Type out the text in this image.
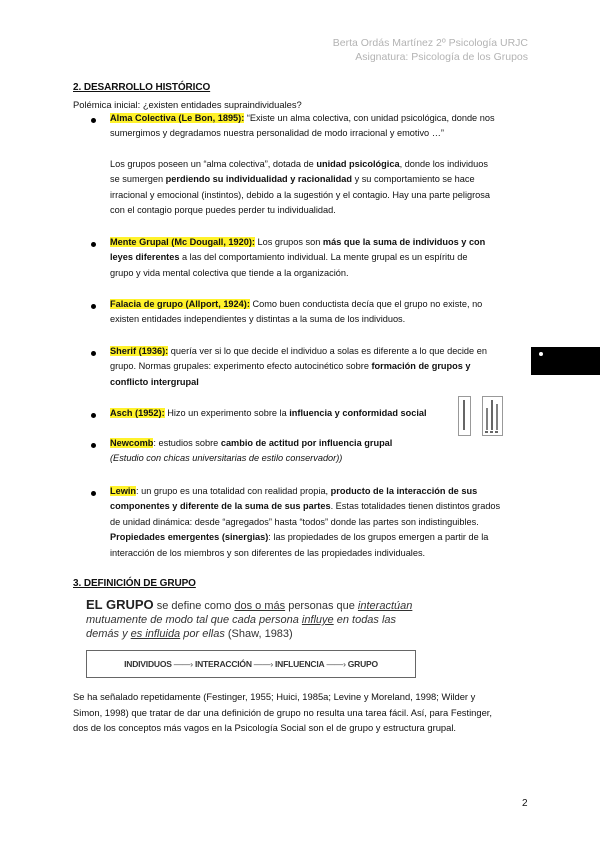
Berta Ordás Martínez 2º Psicología URJC
Asignatura: Psicología de los Grupos
2. DESARROLLO HISTÓRICO
Polémica inicial: ¿existen entidades supraindividuales?
Alma Colectiva (Le Bon, 1895): “Existe un alma colectiva, con unidad psicológica, donde nos
sumergimos y degradamos nuestra personalidad de modo irracional y emotivo …”
Los grupos poseen un “alma colectiva”, dotada de unidad psicológica, donde los individuos
se sumergen perdiendo su individualidad y racionalidad y su comportamiento se hace
irracional y emocional (instintos), debido a la sugestión y el contagio. Hay una parte peligrosa
con el contagio porque puedes perder tu individualidad.
Mente Grupal (Mc Dougall, 1920): Los grupos son más que la suma de individuos y con
leyes diferentes a las del comportamiento individual. La mente grupal es un espíritu de
grupo y vida mental colectiva que tiende a la organización.
Falacia de grupo (Allport, 1924): Como buen conductista decía que el grupo no existe, no
existen entidades independientes y distintas a la suma de los individuos.
Sherif (1936): quería ver si lo que decide el individuo a solas es diferente a lo que decide en
grupo. Normas grupales: experimento efecto autocinético sobre formación de grupos y
conflicto intergrupal
Asch (1952): Hizo un experimento sobre la influencia y conformidad social
Newcomb: estudios sobre cambio de actitud por influencia grupal
(Estudio con chicas universitarias de estilo conservador))
Lewin: un grupo es una totalidad con realidad propia, producto de la interacción de sus
componentes y diferente de la suma de sus partes. Estas totalidades tienen distintos grados
de unidad dinámica: desde “agregados” hasta “todos” donde las partes son indistinguibles.
Propiedades emergentes (sinergias): las propiedades de los grupos emergen a partir de la
interacción de los miembros y son diferentes de las propiedades individuales.
3. DEFINICIÓN DE GRUPO
EL GRUPO se define como dos o más personas que interactúan
mutuamente de modo tal que cada persona influye en todas las
demás y es influida por ellas (Shaw, 1983)
INDIVIDUOS ——› INTERACCIÓN ——› INFLUENCIA ——› GRUPO
Se ha señalado repetidamente (Festinger, 1955; Huici, 1985a; Levine y Moreland, 1998; Wilder y
Simon, 1998) que tratar de dar una definición de grupo no resulta una tarea fácil. Así, para Festinger,
dos de los conceptos más vagos en la Psicología Social son el de grupo y estructura grupal.
2
